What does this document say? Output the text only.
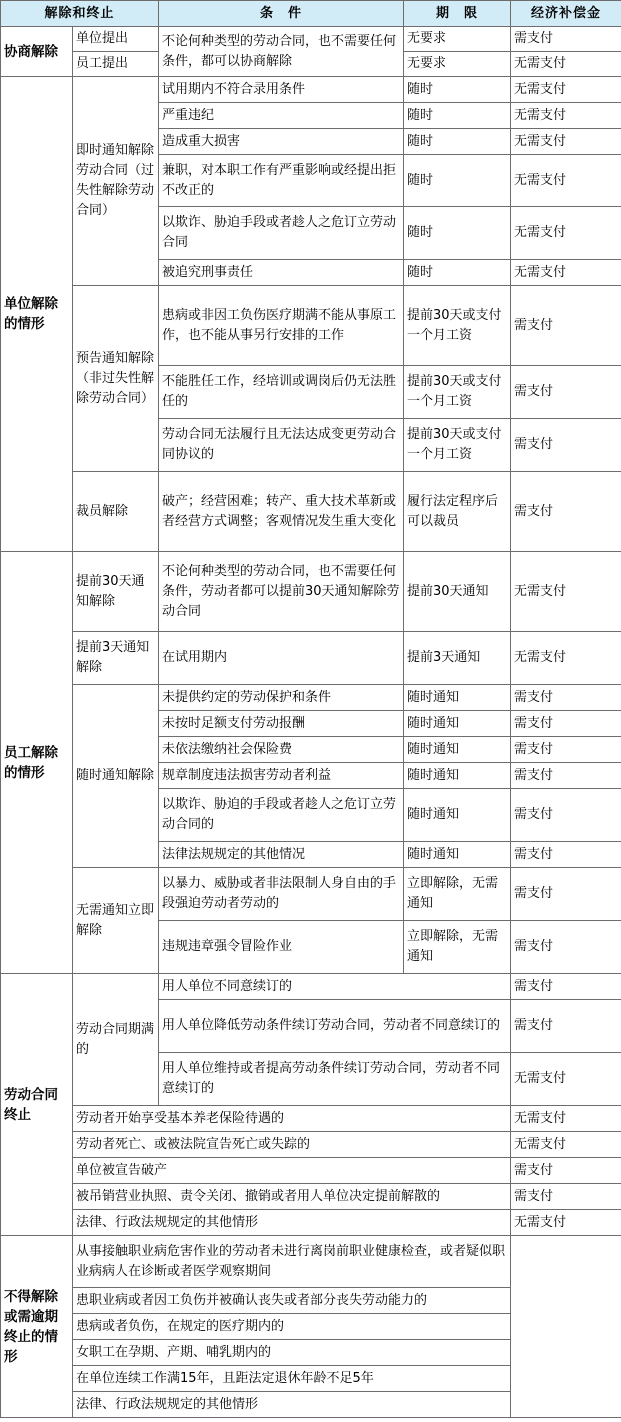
解除和终止		条　件	期　限	经济补偿金
协商解除	单位提出	不论何种类型的劳动合同，也不需要任何条件，都可以协商解除	无要求	需支付
	员工提出		无要求	无需支付
单位解除的情形	即时通知解除劳动合同（过失性解除劳动合同）	试用期内不符合录用条件	随时	无需支付
		严重违纪	随时	无需支付
		造成重大损害	随时	无需支付
		兼职，对本职工作有严重影响或经提出拒不改正的	随时	无需支付
		以欺诈、胁迫手段或者趁人之危订立劳动合同	随时	无需支付
		被追究刑事责任	随时	无需支付
	预告通知解除（非过失性解除劳动合同）	患病或非因工负伤医疗期满不能从事原工作，也不能从事另行安排的工作	提前30天或支付一个月工资	需支付
		不能胜任工作，经培训或调岗后仍无法胜任的	提前30天或支付一个月工资	需支付
		劳动合同无法履行且无法达成变更劳动合同协议的	提前30天或支付一个月工资	需支付
	裁员解除	破产；经营困难；转产、重大技术革新或者经营方式调整；客观情况发生重大变化	履行法定程序后可以裁员	需支付
员工解除的情形	提前30天通知解除	不论何种类型的劳动合同，也不需要任何条件，劳动者都可以提前30天通知解除劳动合同	提前30天通知	无需支付
	提前3天通知解除	在试用期内	提前3天通知	无需支付
	随时通知解除	未提供约定的劳动保护和条件	随时通知	需支付
		未按时足额支付劳动报酬	随时通知	需支付
		未依法缴纳社会保险费	随时通知	需支付
		规章制度违法损害劳动者利益	随时通知	需支付
		以欺诈、胁迫的手段或者趁人之危订立劳动合同的	随时通知	需支付
		法律法规规定的其他情况	随时通知	需支付
	无需通知立即解除	以暴力、威胁或者非法限制人身自由的手段强迫劳动者劳动的	立即解除，无需通知	需支付
		违规违章强令冒险作业	立即解除，无需通知	需支付
劳动合同终止	劳动合同期满的	用人单位不同意续订的		需支付
		用人单位降低劳动条件续订劳动合同，劳动者不同意续订的		需支付
		用人单位维持或者提高劳动条件续订劳动合同，劳动者不同意续订的		无需支付
	劳动者开始享受基本养老保险待遇的			无需支付
	劳动者死亡、或被法院宣告死亡或失踪的			无需支付
	单位被宣告破产			需支付
	被吊销营业执照、责令关闭、撤销或者用人单位决定提前解散的			需支付
	法律、行政法规规定的其他情形			无需支付
不得解除或需逾期终止的情形	从事接触职业病危害作业的劳动者未进行离岗前职业健康检查，或者疑似职业病病人在诊断或者医学观察期间			
	患职业病或者因工负伤并被确认丧失或者部分丧失劳动能力的			
	患病或者负伤，在规定的医疗期内的			
	女职工在孕期、产期、哺乳期内的			
	在单位连续工作满15年，且距法定退休年龄不足5年			
	法律、行政法规规定的其他情形			
